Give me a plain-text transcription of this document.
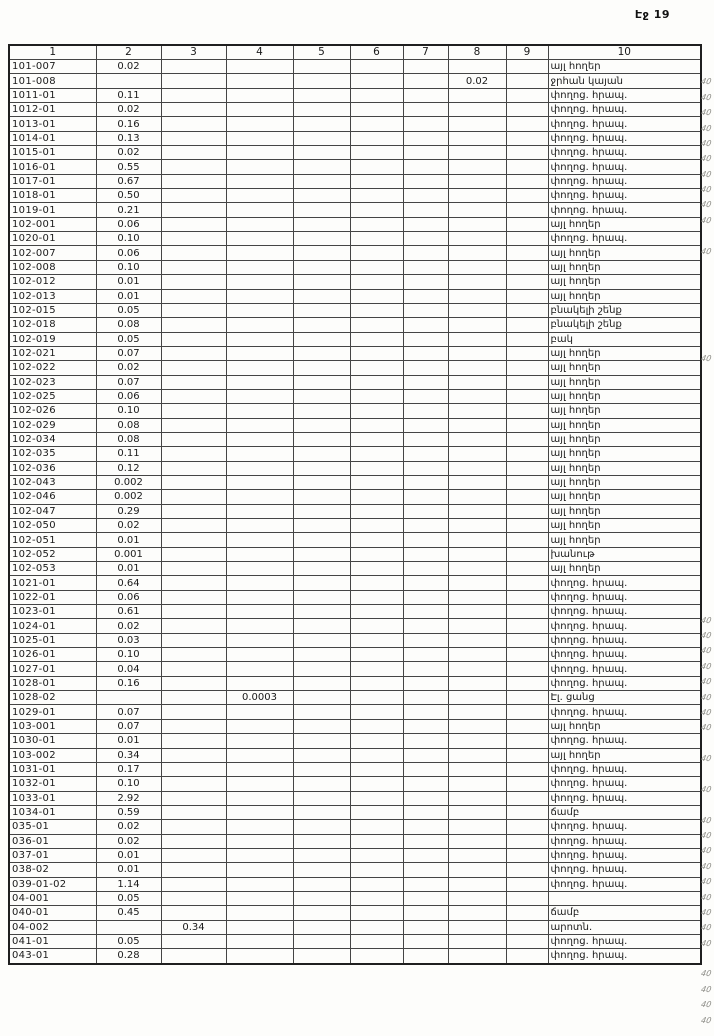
Էջ 19
1	2	3	4	5	6	7	8	9	10
101-007	0.02								այլ հողեր
101-008							0.02		ջրհան կայան
1011-01	0.11								փողոց. հրապ.
1012-01	0.02								փողոց. հրապ.
1013-01	0.16								փողոց. հրապ.
1014-01	0.13								փողոց. հրապ.
1015-01	0.02								փողոց. հրապ.
1016-01	0.55								փողոց. հրապ.
1017-01	0.67								փողոց. հրապ.
1018-01	0.50								փողոց. հրապ.
1019-01	0.21								փողոց. հրապ.
102-001	0.06								այլ հողեր
1020-01	0.10								փողոց. հրապ.
102-007	0.06								այլ հողեր
102-008	0.10								այլ հողեր
102-012	0.01								այլ հողեր
102-013	0.01								այլ հողեր
102-015	0.05								բնակելի շենք
102-018	0.08								բնակելի շենք
102-019	0.05								բակ
102-021	0.07								այլ հողեր
102-022	0.02								այլ հողեր
102-023	0.07								այլ հողեր
102-025	0.06								այլ հողեր
102-026	0.10								այլ հողեր
102-029	0.08								այլ հողեր
102-034	0.08								այլ հողեր
102-035	0.11								այլ հողեր
102-036	0.12								այլ հողեր
102-043	0.002								այլ հողեր
102-046	0.002								այլ հողեր
102-047	0.29								այլ հողեր
102-050	0.02								այլ հողեր
102-051	0.01								այլ հողեր
102-052	0.001								խանութ
102-053	0.01								այլ հողեր
1021-01	0.64								փողոց. հրապ.
1022-01	0.06								փողոց. հրապ.
1023-01	0.61								փողոց. հրապ.
1024-01	0.02								փողոց. հրապ.
1025-01	0.03								փողոց. հրապ.
1026-01	0.10								փողոց. հրապ.
1027-01	0.04								փողոց. հրապ.
1028-01	0.16								փողոց. հրապ.
1028-02			0.0003						Էլ. ցանց
1029-01	0.07								փողոց. հրապ.
103-001	0.07								այլ հողեր
1030-01	0.01								փողոց. հրապ.
103-002	0.34								այլ հողեր
1031-01	0.17								փողոց. հրապ.
1032-01	0.10								փողոց. հրապ.
1033-01	2.92								փողոց. հրապ.
1034-01	0.59								ճամբ
035-01	0.02								փողոց. հրապ.
036-01	0.02								փողոց. հրապ.
037-01	0.01								փողոց. հրապ.
038-02	0.01								փողոց. հրապ.
039-01-02	1.14								փողոց. հրապ.
04-001	0.05								
040-01	0.45								ճամբ
04-002		0.34							արոտն.
041-01	0.05								փողոց. հրապ.
043-01	0.28								փողոց. հրապ.
40
40
40
40
40
40
40
40
40
40
40
40
40
40
40
40
40
40
40
40
40
40
40
40
40
40
40
40
40
40
40
40
40
40
40
